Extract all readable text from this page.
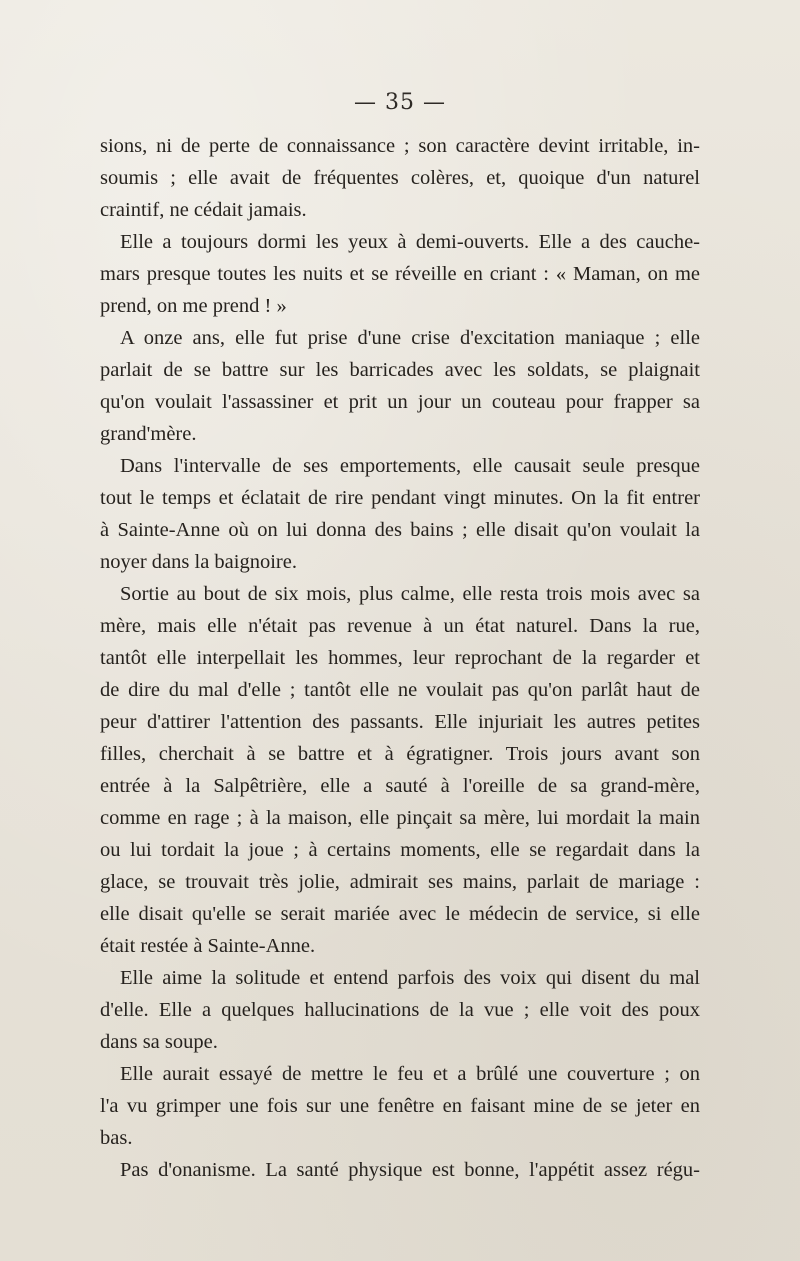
— 35 —
sions, ni de perte de connaissance ; son caractère devint irritable, in-
soumis ; elle avait de fréquentes colères, et, quoique d'un naturel
craintif, ne cédait jamais.
Elle a toujours dormi les yeux à demi-ouverts. Elle a des cauche-
mars presque toutes les nuits et se réveille en criant : « Maman, on me
prend, on me prend ! »
A onze ans, elle fut prise d'une crise d'excitation maniaque ; elle
parlait de se battre sur les barricades avec les soldats, se plaignait
qu'on voulait l'assassiner et prit un jour un couteau pour frapper sa
grand'mère.
Dans l'intervalle de ses emportements, elle causait seule presque
tout le temps et éclatait de rire pendant vingt minutes. On la fit entrer
à Sainte-Anne où on lui donna des bains ; elle disait qu'on voulait la
noyer dans la baignoire.
Sortie au bout de six mois, plus calme, elle resta trois mois avec sa
mère, mais elle n'était pas revenue à un état naturel. Dans la rue,
tantôt elle interpellait les hommes, leur reprochant de la regarder et
de dire du mal d'elle ; tantôt elle ne voulait pas qu'on parlât haut de
peur d'attirer l'attention des passants. Elle injuriait les autres petites
filles, cherchait à se battre et à égratigner. Trois jours avant son
entrée à la Salpêtrière, elle a sauté à l'oreille de sa grand-mère,
comme en rage ; à la maison, elle pinçait sa mère, lui mordait la main
ou lui tordait la joue ; à certains moments, elle se regardait dans la
glace, se trouvait très jolie, admirait ses mains, parlait de mariage :
elle disait qu'elle se serait mariée avec le médecin de service, si elle
était restée à Sainte-Anne.
Elle aime la solitude et entend parfois des voix qui disent du mal
d'elle. Elle a quelques hallucinations de la vue ; elle voit des poux
dans sa soupe.
Elle aurait essayé de mettre le feu et a brûlé une couverture ; on
l'a vu grimper une fois sur une fenêtre en faisant mine de se jeter en
bas.
Pas d'onanisme. La santé physique est bonne, l'appétit assez régu-
